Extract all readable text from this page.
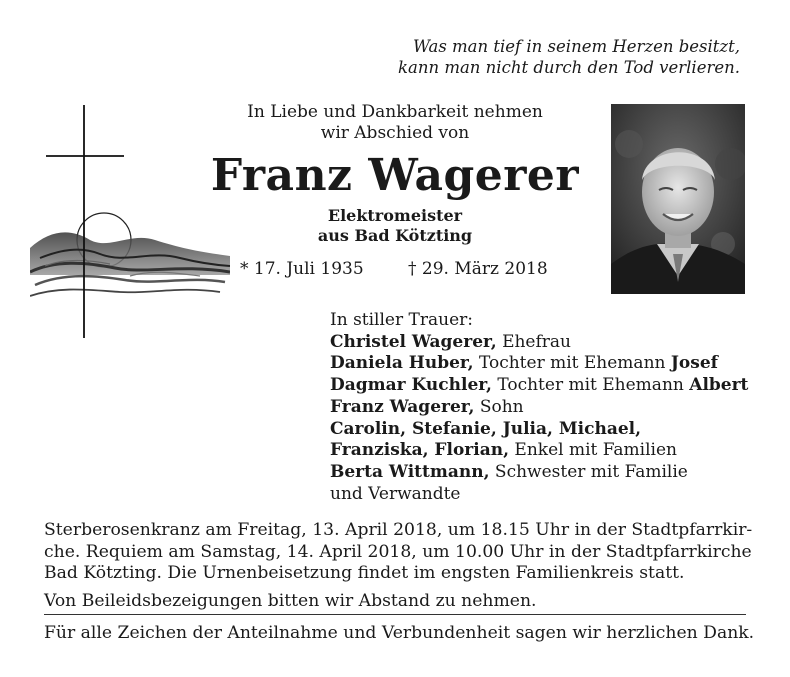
Was man tief in seinem Herzen besitzt,
kann man nicht durch den Tod verlieren.
In Liebe und Dankbarkeit nehmen
wir Abschied von
Franz Wagerer
Elektromeister
aus Bad Kötzting
* 17. Juli 1935	† 29. März 2018
In stiller Trauer:
Christel Wagerer, Ehefrau
Daniela Huber, Tochter mit Ehemann Josef
Dagmar Kuchler, Tochter mit Ehemann Albert
Franz Wagerer, Sohn
Carolin, Stefanie, Julia, Michael,
Franziska, Florian, Enkel mit Familien
Berta Wittmann, Schwester mit Familie
und Verwandte
Sterberosenkranz am Freitag, 13. April 2018, um 18.15 Uhr in der Stadtpfarrkir-
che. Requiem am Samstag, 14. April 2018, um 10.00 Uhr in der Stadtpfarrkirche
Bad Kötzting. Die Urnenbeisetzung findet im engsten Familienkreis statt.
Von Beileidsbezeigungen bitten wir Abstand zu nehmen.
Für alle Zeichen der Anteilnahme und Verbundenheit sagen wir herzlichen Dank.
